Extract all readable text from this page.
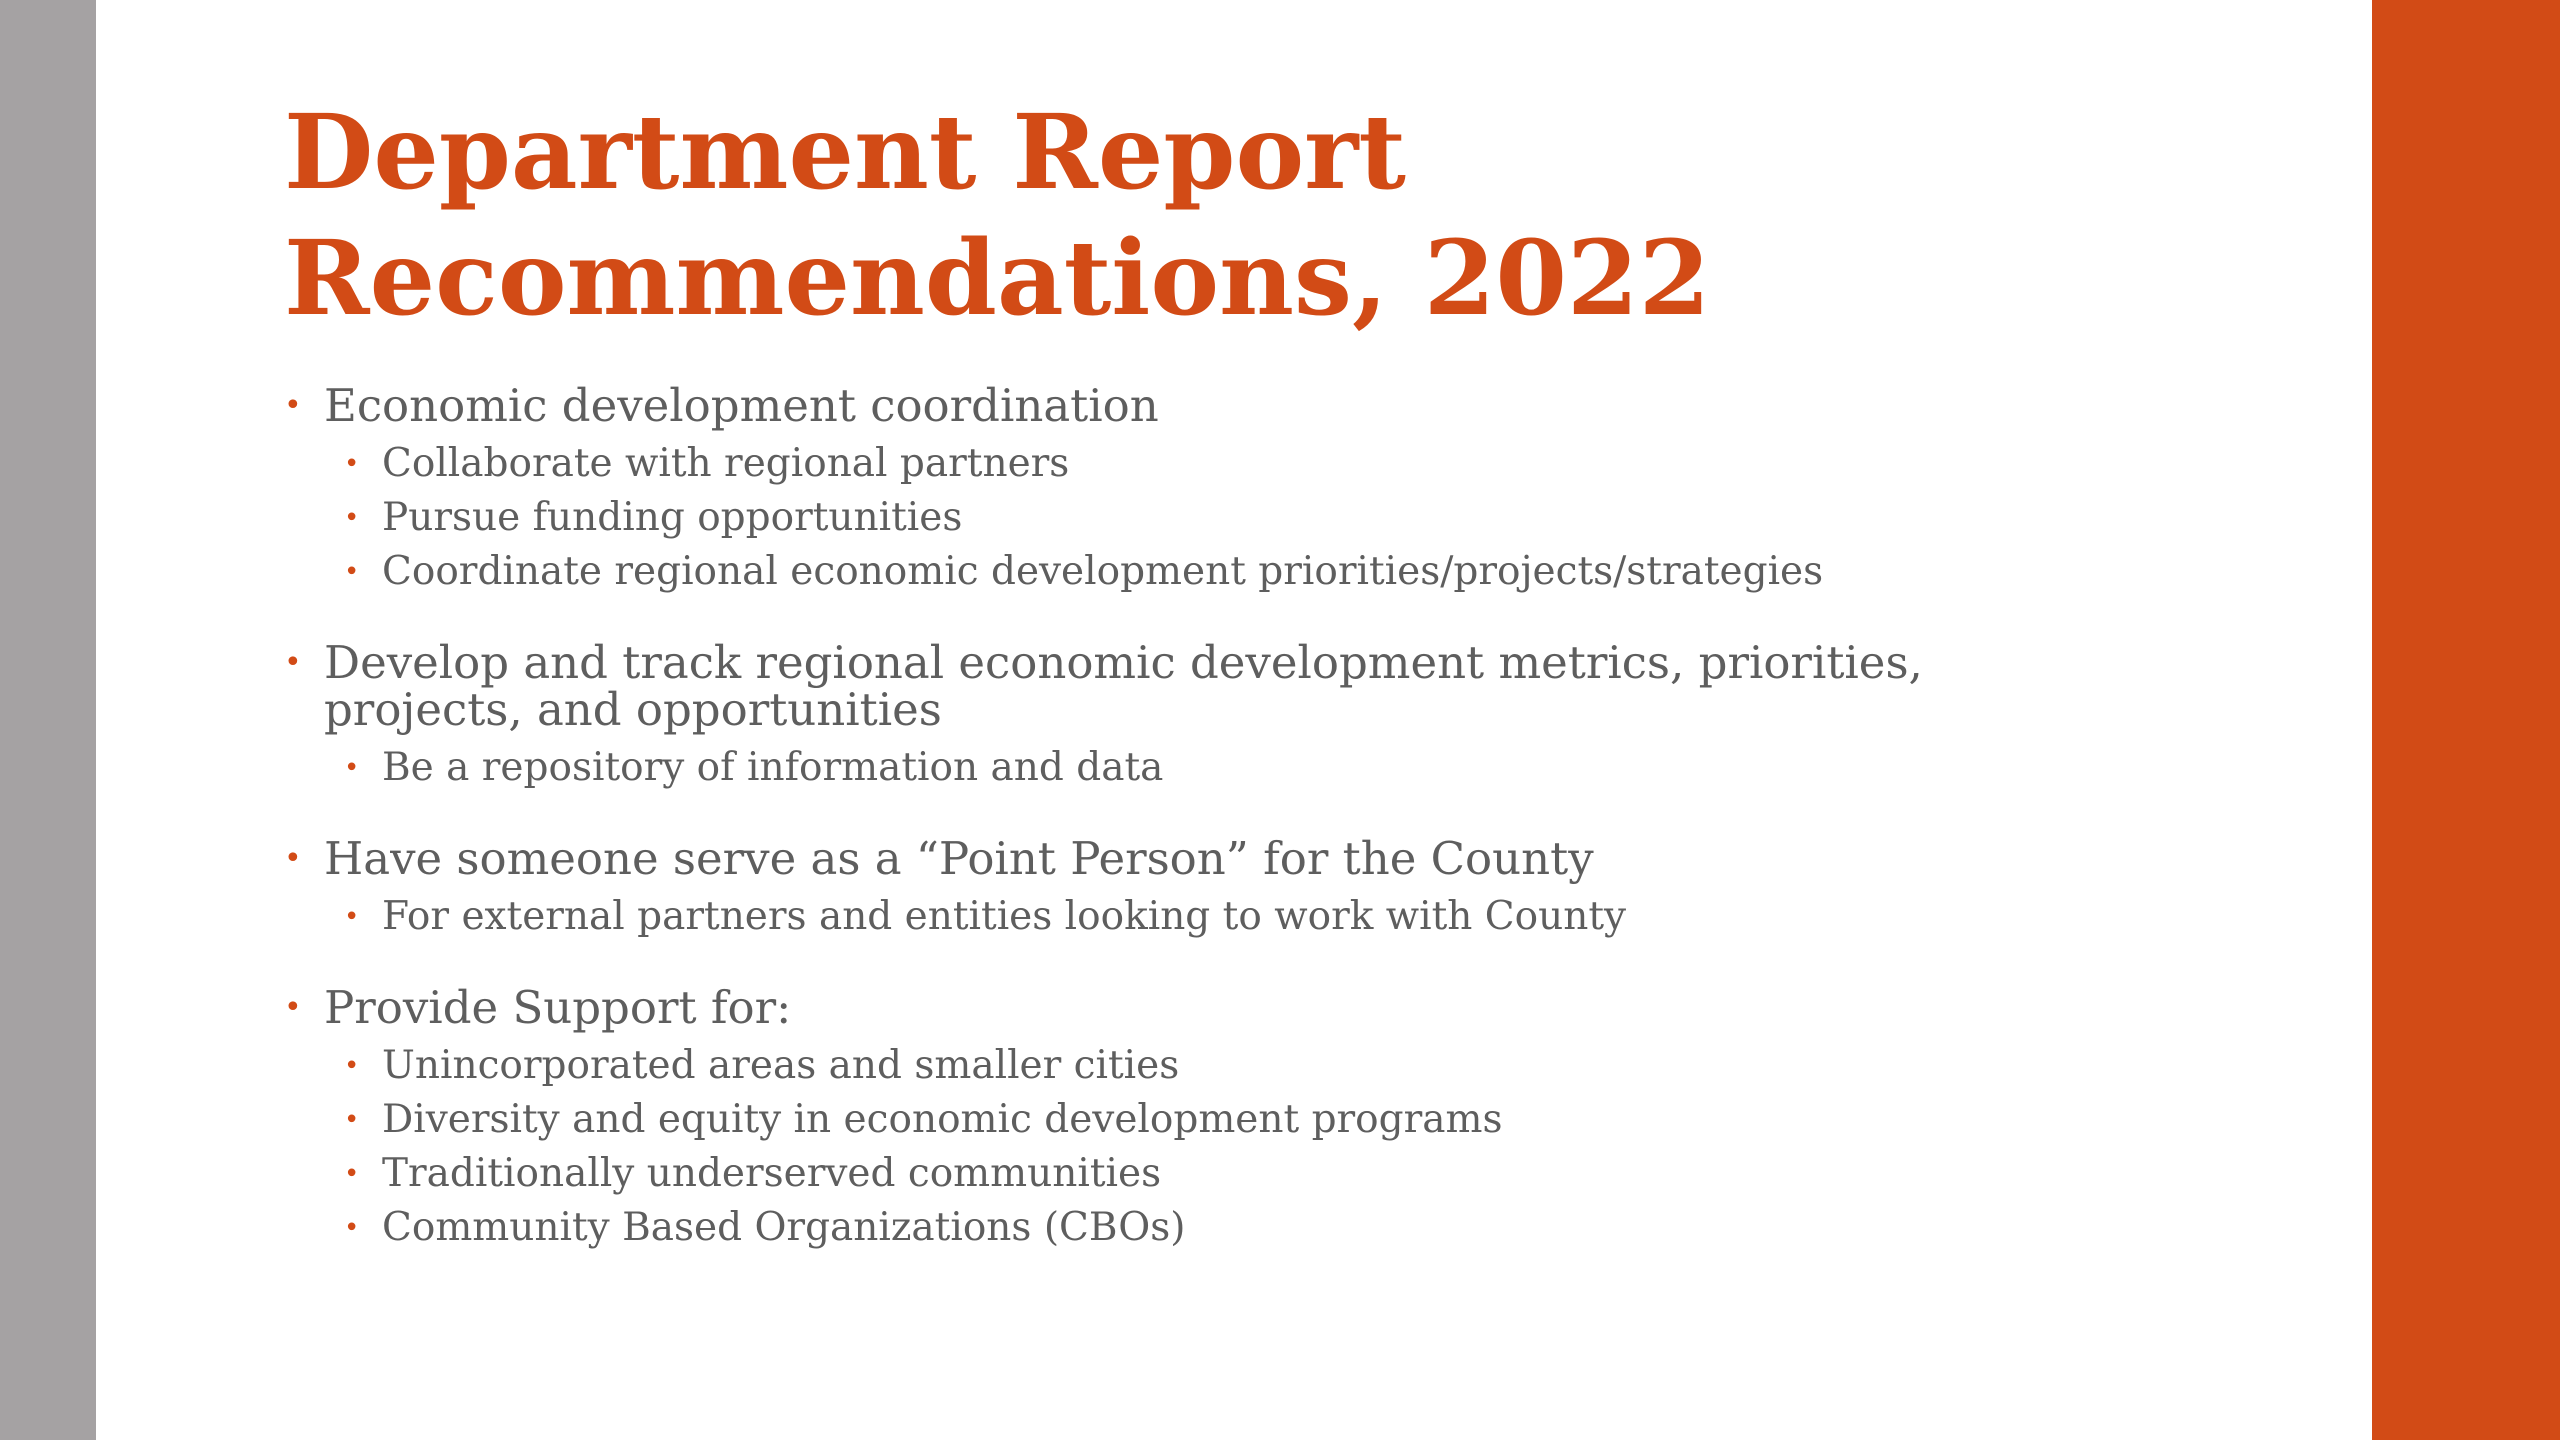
Department Report
Recommendations, 2022
• Economic development coordination
• Collaborate with regional partners
• Pursue funding opportunities
• Coordinate regional economic development priorities/projects/strategies
• Develop and track regional economic development metrics, priorities,
projects, and opportunities
• Be a repository of information and data
• Have someone serve as a “Point Person” for the County
• For external partners and entities looking to work with County
• Provide Support for:
• Unincorporated areas and smaller cities
• Diversity and equity in economic development programs
• Traditionally underserved communities
• Community Based Organizations (CBOs)
